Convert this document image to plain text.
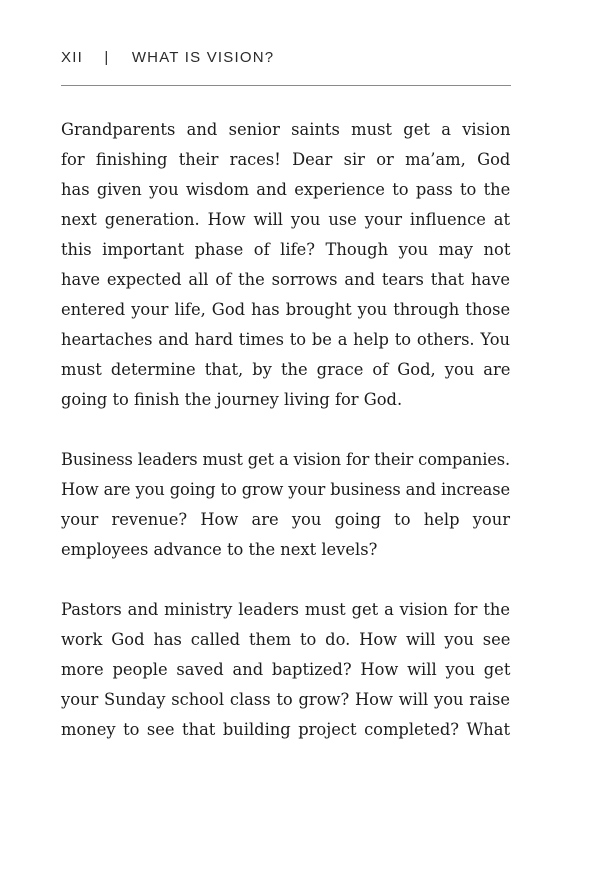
XII | WHAT IS VISION?

Grandparents and senior saints must get a vision
for finishing their races! Dear sir or ma’am, God
has given you wisdom and experience to pass to the
next generation. How will you use your influence at
this important phase of life? Though you may not
have expected all of the sorrows and tears that have
entered your life, God has brought you through those
heartaches and hard times to be a help to others. You
must determine that, by the grace of God, you are
going to finish the journey living for God.

Business leaders must get a vision for their companies.
How are you going to grow your business and increase
your revenue? How are you going to help your
employees advance to the next levels?

Pastors and ministry leaders must get a vision for the
work God has called them to do. How will you see
more people saved and baptized? How will you get
your Sunday school class to grow? How will you raise
money to see that building project completed? What
